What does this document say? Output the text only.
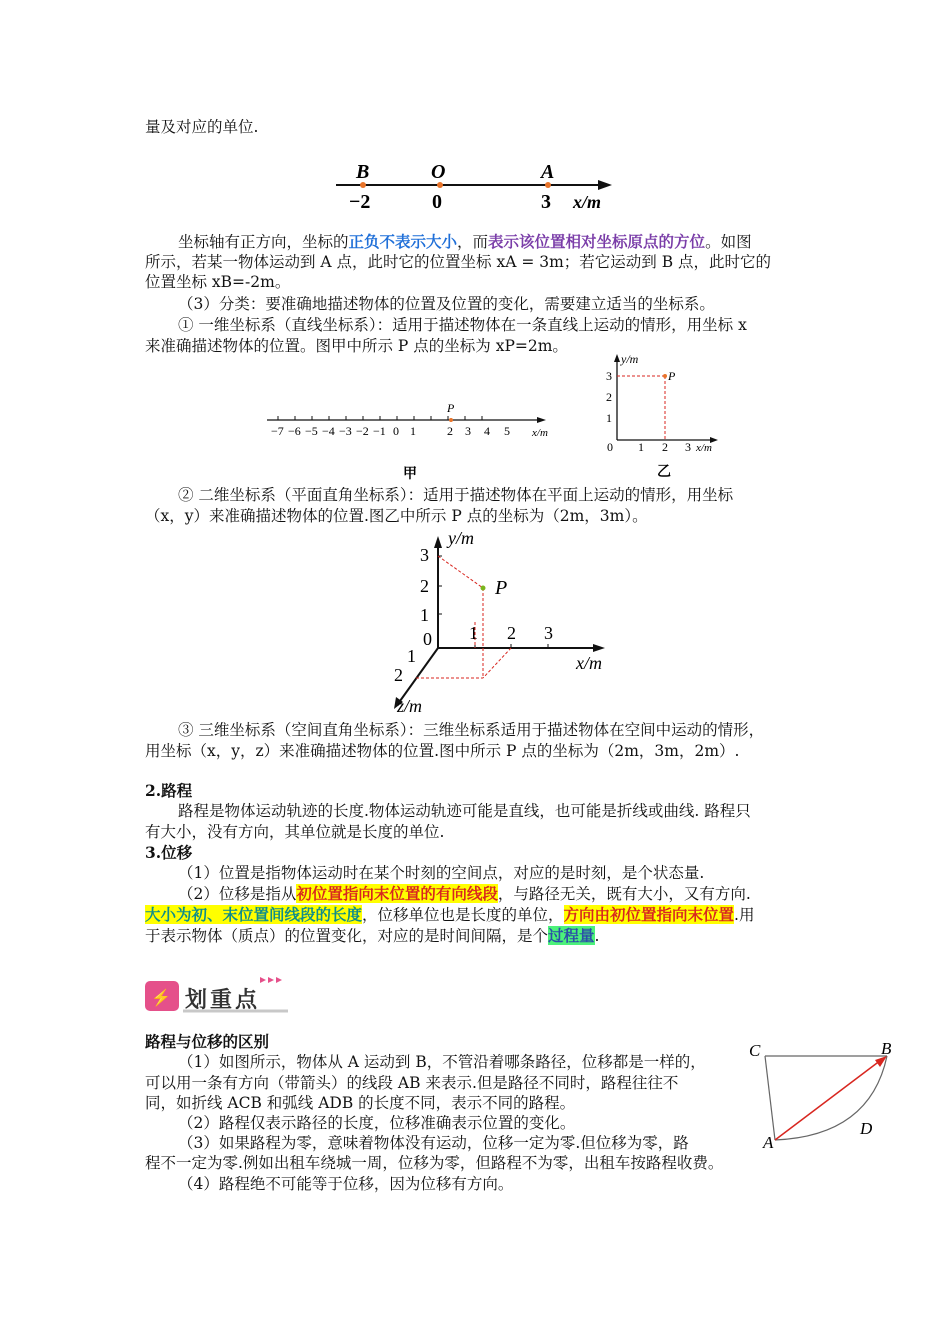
量及对应的单位.
B	O	A
−2	0	3 x/m
坐标轴有正方向，坐标的正负不表示大小，而表示该位置相对坐标原点的方位。如图
所示，若某一物体运动到 A 点，此时它的位置坐标 xA = 3m；若它运动到 B 点，此时它的
位置坐标 xB=-2m。
（3）分类：要准确地描述物体的位置及位置的变化，需要建立适当的坐标系。
① 一维坐标系（直线坐标系）：适用于描述物体在一条直线上运动的情形，用坐标 x
来准确描述物体的位置。图甲中所示 P 点的坐标为 xP=2m。
P
−7 −6 −5 −4 −3 −2 −1 0 1	2 3 4 5 x/m
甲
y/m
3
2
1
0 1 2 3 x/m
P
乙
② 二维坐标系（平面直角坐标系）：适用于描述物体在平面上运动的情形，用坐标
（x，y）来准确描述物体的位置.图乙中所示 P 点的坐标为（2m，3m）。
P
y/m
3
2
1
0 1 2 3
x/m
1
2
z/m
③ 三维坐标系（空间直角坐标系）：三维坐标系适用于描述物体在空间中运动的情形，
用坐标（x，y，z）来准确描述物体的位置.图中所示 P 点的坐标为（2m，3m，2m）.
2.路程
路程是物体运动轨迹的长度.物体运动轨迹可能是直线，也可能是折线或曲线. 路程只
有大小，没有方向，其单位就是长度的单位.
3.位移
（1）位置是指物体运动时在某个时刻的空间点，对应的是时刻，是个状态量.
（2）位移是指从初位置指向末位置的有向线段，与路径无关，既有大小，又有方向.
大小为初、末位置间线段的长度，位移单位也是长度的单位，方向由初位置指向末位置.用
于表示物体（质点）的位置变化，对应的是时间间隔，是个过程量.
⚡ 划重点
路程与位移的区别
（1）如图所示，物体从 A 运动到 B，不管沿着哪条路径，位移都是一样的，
可以用一条有方向（带箭头）的线段 AB 来表示.但是路径不同时，路程往往不
同，如折线 ACB 和弧线 ADB 的长度不同，表示不同的路程。
（2）路程仅表示路径的长度，位移准确表示位置的变化。
（3）如果路程为零，意味着物体没有运动，位移一定为零.但位移为零，路
程不一定为零.例如出租车绕城一周，位移为零，但路程不为零，出租车按路程收费。
（4）路程绝不可能等于位移，因为位移有方向。
C	B
A
D
